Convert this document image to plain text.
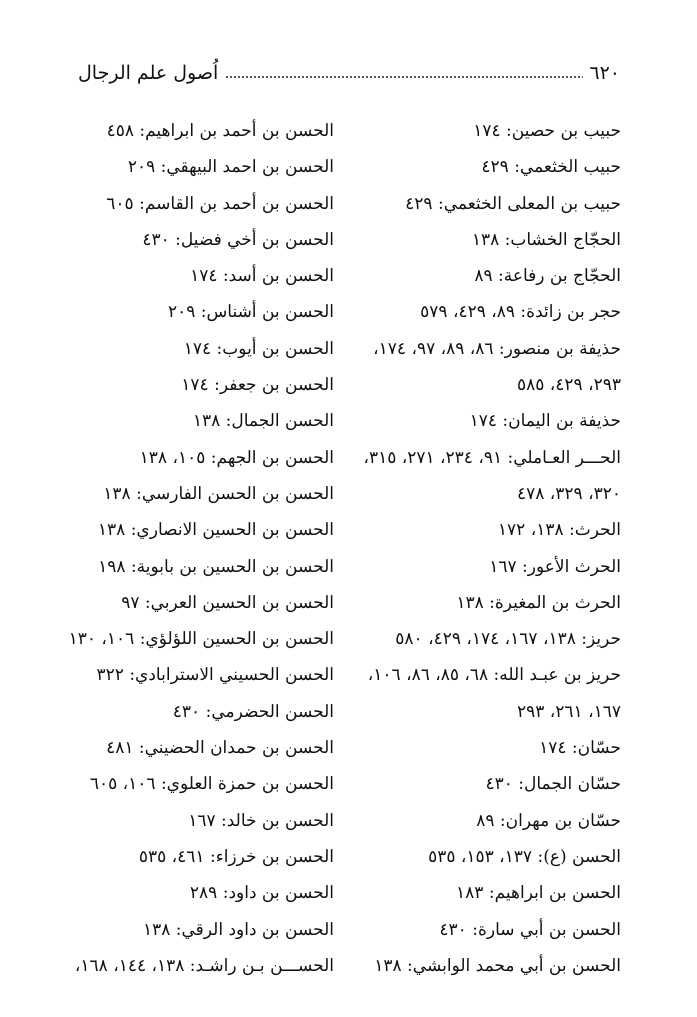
٦٢٠
اُصول علم الرجال
حبيب بن حصين: ١٧٤
حبيب الخثعمي: ٤٢٩
حبيب بن المعلى الخثعمي: ٤٢٩
الحجّاج الخشاب: ١٣٨
الحجّاج بن رفاعة: ٨٩
حجر بن زائدة: ٨٩، ٤٢٩، ٥٧٩
حذيفة بن منصور: ٨٦، ٨٩، ٩٧، ١٧٤،
٢٩٣، ٤٢٩، ٥٨٥
حذيفة بن اليمان: ١٧٤
الحـــر العـاملي: ٩١، ٢٣٤، ٢٧١، ٣١٥،
٣٢٠، ٣٢٩، ٤٧٨
الحرث: ١٣٨، ١٧٢
الحرث الأعور: ١٦٧
الحرث بن المغيرة: ١٣٨
حريز: ١٣٨، ١٦٧، ١٧٤، ٤٢٩، ٥٨٠
حريز بن عبـد الله: ٦٨، ٨٥، ٨٦، ١٠٦،
١٦٧، ٢٦١، ٢٩٣
حسّان: ١٧٤
حسّان الجمال: ٤٣٠
حسّان بن مهران: ٨٩
الحسن (ع): ١٣٧، ١٥٣، ٥٣٥
الحسن بن ابراهيم: ١٨٣
الحسن بن أبي سارة: ٤٣٠
الحسن بن أبي محمد الوابشي: ١٣٨
الحسن بن أحمد بن ابراهيم: ٤٥٨
الحسن بن احمد البيهقي: ٢٠٩
الحسن بن أحمد بن القاسم: ٦٠٥
الحسن بن أخي فضيل: ٤٣٠
الحسن بن أسد: ١٧٤
الحسن بن أشناس: ٢٠٩
الحسن بن أيوب: ١٧٤
الحسن بن جعفر: ١٧٤
الحسن الجمال: ١٣٨
الحسن بن الجهم: ١٠٥، ١٣٨
الحسن بن الحسن الفارسي: ١٣٨
الحسن بن الحسين الانصاري: ١٣٨
الحسن بن الحسين بن بابوية: ١٩٨
الحسن بن الحسين العربي: ٩٧
الحسن بن الحسين اللؤلؤي: ١٠٦، ١٣٠
الحسن الحسيني الاسترابادي: ٣٢٢
الحسن الحضرمي: ٤٣٠
الحسن بن حمدان الحضيني: ٤٨١
الحسن بن حمزة العلوي: ١٠٦، ٦٠٥
الحسن بن خالد: ١٦٧
الحسن بن خرزاء: ٤٦١، ٥٣٥
الحسن بن داود: ٢٨٩
الحسن بن داود الرقي: ١٣٨
الحســـن بـن راشـد: ١٣٨، ١٤٤، ١٦٨،
